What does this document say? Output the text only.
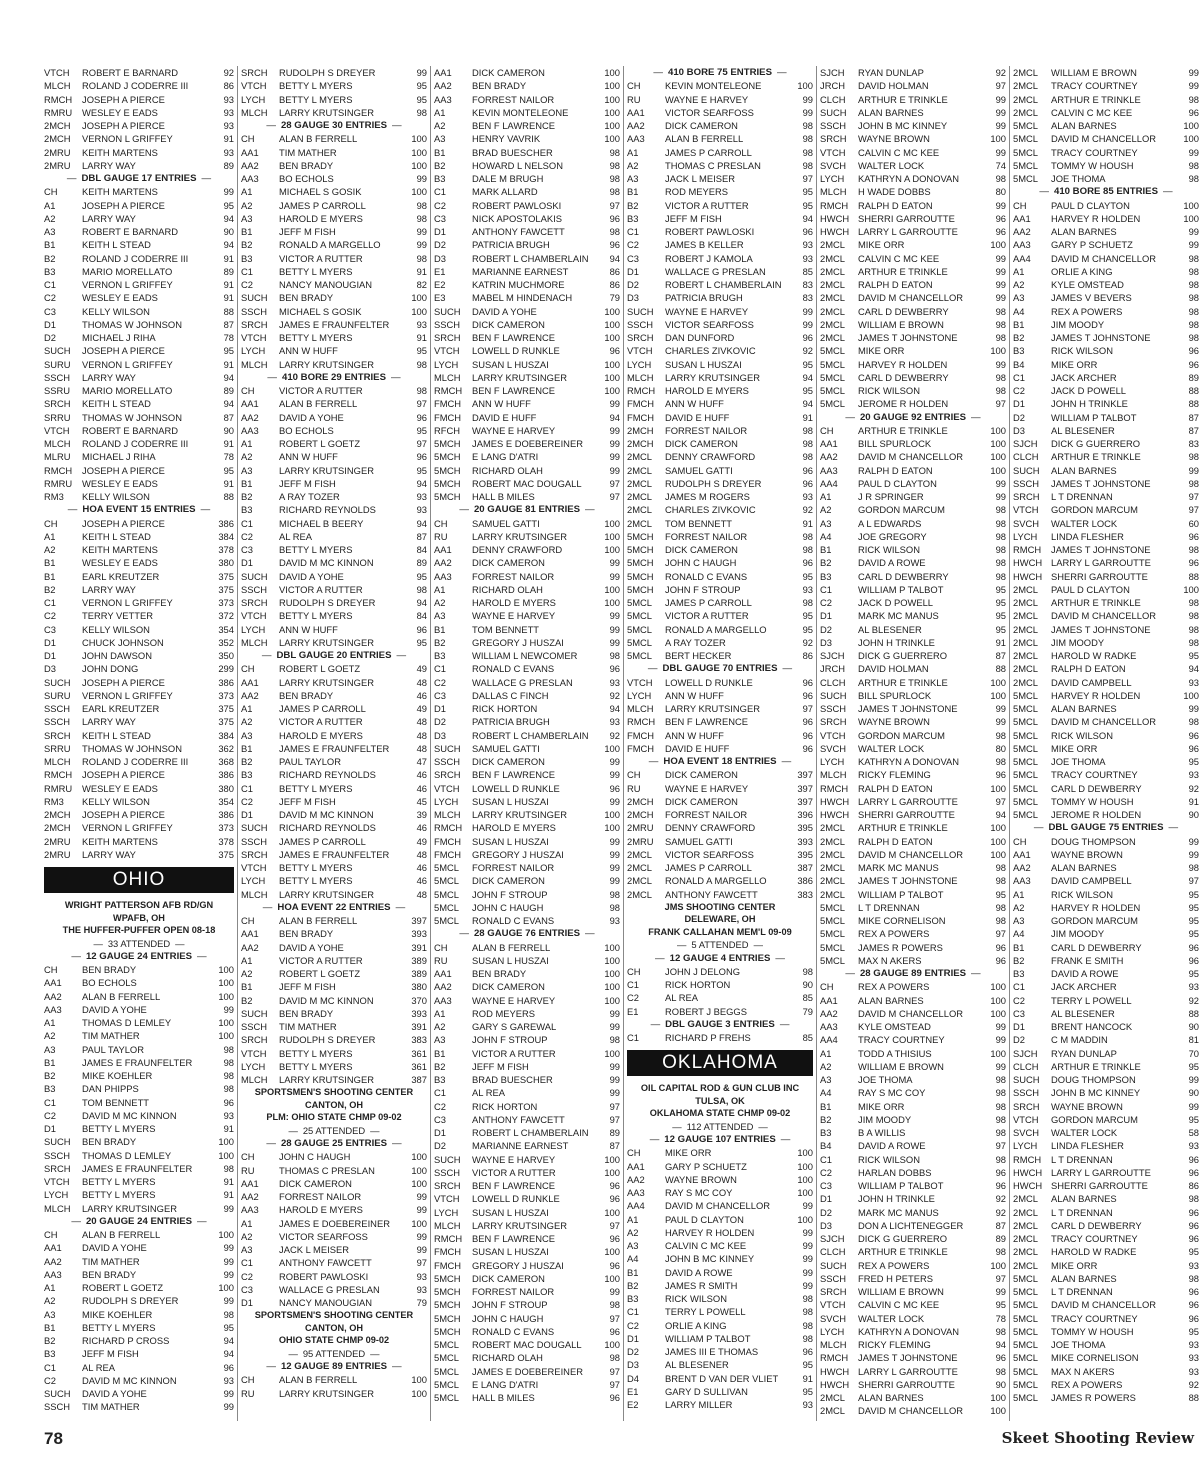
VTCH	ROBERT E BARNARD	92
MLCH	ROLAND J CODERRE III	86
RMCH	JOSEPH A PIERCE	93
RMRU	WESLEY E EADS	93
2MCH	JOSEPH A PIERCE	93
2MCH	VERNON L GRIFFEY	91
2MRU	KEITH MARTENS	93
2MRU	LARRY WAY	89
— DBL GAUGE 17 ENTRIES —
CH	KEITH MARTENS	99
A1	JOSEPH A PIERCE	95
A2	LARRY WAY	94
A3	ROBERT E BARNARD	90
B1	KEITH L STEAD	94
B2	ROLAND J CODERRE III	91
B3	MARIO MORELLATO	89
C1	VERNON L GRIFFEY	91
C2	WESLEY E EADS	91
C3	KELLY WILSON	88
D1	THOMAS W JOHNSON	87
D2	MICHAEL J RIHA	78
SUCH	JOSEPH A PIERCE	95
SURU	VERNON L GRIFFEY	91
SSCH	LARRY WAY	94
SSRU	MARIO MORELLATO	89
SRCH	KEITH L STEAD	94
SRRU	THOMAS W JOHNSON	87
VTCH	ROBERT E BARNARD	90
MLCH	ROLAND J CODERRE III	91
MLRU	MICHAEL J RIHA	78
RMCH	JOSEPH A PIERCE	95
RMRU	WESLEY E EADS	91
RM3	KELLY WILSON	88
— HOA EVENT 15 ENTRIES —
CH	JOSEPH A PIERCE	386
A1	KEITH L STEAD	384
A2	KEITH MARTENS	378
B1	WESLEY E EADS	380
B1	EARL KREUTZER	375
B2	LARRY WAY	375
C1	VERNON L GRIFFEY	373
C2	TERRY VETTER	372
C3	KELLY WILSON	354
D1	CHUCK JOHNSON	352
D1	JOHN DAWSON	350
D3	JOHN DONG	299
SUCH	JOSEPH A PIERCE	386
SURU	VERNON L GRIFFEY	373
SSCH	EARL KREUTZER	375
SSCH	LARRY WAY	375
SRCH	KEITH L STEAD	384
SRRU	THOMAS W JOHNSON	362
MLCH	ROLAND J CODERRE III	368
RMCH	JOSEPH A PIERCE	386
RMRU	WESLEY E EADS	380
RM3	KELLY WILSON	354
2MCH	JOSEPH A PIERCE	386
2MCH	VERNON L GRIFFEY	373
2MRU	KEITH MARTENS	378
2MRU	LARRY WAY	375
OHIO
WRIGHT PATTERSON AFB RD/GN
WPAFB, OH
THE HUFFER-PUFFER OPEN 08-18
— 33 ATTENDED —
— 12 GAUGE 24 ENTRIES —
CH	BEN BRADY	100
AA1	BO ECHOLS	100
AA2	ALAN B FERRELL	100
AA3	DAVID A YOHE	99
A1	THOMAS D LEMLEY	100
A2	TIM MATHER	100
A3	PAUL TAYLOR	98
B1	JAMES E FRAUNFELTER	98
B2	MIKE KOEHLER	98
B3	DAN PHIPPS	98
C1	TOM BENNETT	96
C2	DAVID M MC KINNON	93
D1	BETTY L MYERS	91
SUCH	BEN BRADY	100
SSCH	THOMAS D LEMLEY	100
SRCH	JAMES E FRAUNFELTER	98
VTCH	BETTY L MYERS	91
LYCH	BETTY L MYERS	91
MLCH	LARRY KRUTSINGER	99
— 20 GAUGE 24 ENTRIES —
CH	ALAN B FERRELL	100
AA1	DAVID A YOHE	99
AA2	TIM MATHER	99
AA3	BEN BRADY	99
A1	ROBERT L GOETZ	100
A2	RUDOLPH S DREYER	99
A3	MIKE KOEHLER	98
B1	BETTY L MYERS	95
B2	RICHARD P CROSS	94
B3	JEFF M FISH	94
C1	AL REA	96
C2	DAVID M MC KINNON	93
SUCH	DAVID A YOHE	99
SSCH	TIM MATHER	99
SRCH	RUDOLPH S DREYER	99
VTCH	BETTY L MYERS	95
LYCH	BETTY L MYERS	95
MLCH	LARRY KRUTSINGER	98
— 28 GAUGE 30 ENTRIES —
CH	ALAN B FERRELL	100
AA1	TIM MATHER	100
AA2	BEN BRADY	100
AA3	BO ECHOLS	99
A1	MICHAEL S GOSIK	100
A2	JAMES P CARROLL	98
A3	HAROLD E MYERS	98
B1	JEFF M FISH	99
B2	RONALD A MARGELLO	99
B3	VICTOR A RUTTER	98
C1	BETTY L MYERS	91
C2	NANCY MANOUGIAN	82
SUCH	BEN BRADY	100
SSCH	MICHAEL S GOSIK	100
SRCH	JAMES E FRAUNFELTER	93
VTCH	BETTY L MYERS	91
LYCH	ANN W HUFF	95
MLCH	LARRY KRUTSINGER	98
— 410 BORE 29 ENTRIES —
CH	VICTOR A RUTTER	98
AA1	ALAN B FERRELL	97
AA2	DAVID A YOHE	96
AA3	BO ECHOLS	95
A1	ROBERT L GOETZ	97
A2	ANN W HUFF	96
A3	LARRY KRUTSINGER	95
B1	JEFF M FISH	94
B2	A RAY TOZER	93
B3	RICHARD REYNOLDS	93
C1	MICHAEL B BEERY	94
C2	AL REA	87
C3	BETTY L MYERS	84
D1	DAVID M MC KINNON	89
SUCH	DAVID A YOHE	95
SSCH	VICTOR A RUTTER	98
SRCH	RUDOLPH S DREYER	94
VTCH	BETTY L MYERS	84
LYCH	ANN W HUFF	96
MLCH	LARRY KRUTSINGER	95
— DBL GAUGE 20 ENTRIES —
CH	ROBERT L GOETZ	49
AA1	LARRY KRUTSINGER	48
AA2	BEN BRADY	46
A1	JAMES P CARROLL	49
A2	VICTOR A RUTTER	48
A3	HAROLD E MYERS	48
B1	JAMES E FRAUNFELTER	48
B2	PAUL TAYLOR	47
B3	RICHARD REYNOLDS	46
C1	BETTY L MYERS	46
C2	JEFF M FISH	45
D1	DAVID M MC KINNON	39
SUCH	RICHARD REYNOLDS	46
SSCH	JAMES P CARROLL	49
SRCH	JAMES E FRAUNFELTER	48
VTCH	BETTY L MYERS	46
LYCH	BETTY L MYERS	46
MLCH	LARRY KRUTSINGER	48
— HOA EVENT 22 ENTRIES —
CH	ALAN B FERRELL	397
AA1	BEN BRADY	393
AA2	DAVID A YOHE	391
A1	VICTOR A RUTTER	389
A2	ROBERT L GOETZ	389
B1	JEFF M FISH	380
B2	DAVID M MC KINNON	370
SUCH	BEN BRADY	393
SSCH	TIM MATHER	391
SRCH	RUDOLPH S DREYER	383
VTCH	BETTY L MYERS	361
LYCH	BETTY L MYERS	361
MLCH	LARRY KRUTSINGER	387
SPORTSMEN'S SHOOTING CENTER
CANTON, OH
PLM: OHIO STATE CHMP 09-02
— 25 ATTENDED —
— 28 GAUGE 25 ENTRIES —
CH	JOHN C HAUGH	100
RU	THOMAS C PRESLAN	100
AA1	DICK CAMERON	100
AA2	FORREST NAILOR	99
AA3	HAROLD E MYERS	99
A1	JAMES E DOEBEREINER	100
A2	VICTOR SEARFOSS	99
A3	JACK L MEISER	99
C1	ANTHONY FAWCETT	97
C2	ROBERT PAWLOSKI	93
C3	WALLACE G PRESLAN	93
D1	NANCY MANOUGIAN	79
SPORTSMEN'S SHOOTING CENTER
CANTON, OH
OHIO STATE CHMP 09-02
— 95 ATTENDED —
— 12 GAUGE 89 ENTRIES —
CH	ALAN B FERRELL	100
RU	LARRY KRUTSINGER	100
AA1	DICK CAMERON	100
AA2	BEN BRADY	100
AA3	FORREST NAILOR	100
A1	KEVIN MONTELEONE	100
A2	BEN F LAWRENCE	100
A3	HENRY VAVRIK	100
B1	BRAD BUESCHER	98
B2	HOWARD L NELSON	98
B3	DALE M BRUGH	98
C1	MARK ALLARD	98
C2	ROBERT PAWLOSKI	97
C3	NICK APOSTOLAKIS	96
D1	ANTHONY FAWCETT	98
D2	PATRICIA BRUGH	96
D3	ROBERT L CHAMBERLAIN	94
E1	MARIANNE EARNEST	86
E2	KATRIN MUCHMORE	86
E3	MABEL M HINDENACH	79
SUCH	DAVID A YOHE	100
SSCH	DICK CAMERON	100
SRCH	BEN F LAWRENCE	100
VTCH	LOWELL D RUNKLE	96
LYCH	SUSAN L HUSZAI	100
MLCH	LARRY KRUTSINGER	100
RMCH	BEN F LAWRENCE	100
FMCH	ANN W HUFF	99
FMCH	DAVID E HUFF	94
RFCH	WAYNE E HARVEY	99
5MCH	JAMES E DOEBEREINER	99
5MCH	E LANG D'ATRI	99
5MCH	RICHARD OLAH	99
5MCH	ROBERT MAC DOUGALL	97
5MCH	HALL B MILES	97
— 20 GAUGE 81 ENTRIES —
CH	SAMUEL GATTI	100
RU	LARRY KRUTSINGER	100
AA1	DENNY CRAWFORD	100
AA2	DICK CAMERON	99
AA3	FORREST NAILOR	99
A1	RICHARD OLAH	100
A2	HAROLD E MYERS	100
A3	WAYNE E HARVEY	99
B1	TOM BENNETT	99
B2	GREGORY J HUSZAI	99
B3	WILLIAM L NEWCOMER	98
C1	RONALD C EVANS	96
C2	WALLACE G PRESLAN	93
C3	DALLAS C FINCH	92
D1	RICK HORTON	94
D2	PATRICIA BRUGH	93
D3	ROBERT L CHAMBERLAIN	92
SUCH	SAMUEL GATTI	100
SSCH	DICK CAMERON	99
SRCH	BEN F LAWRENCE	99
VTCH	LOWELL D RUNKLE	96
LYCH	SUSAN L HUSZAI	99
MLCH	LARRY KRUTSINGER	100
RMCH	HAROLD E MYERS	100
FMCH	SUSAN L HUSZAI	99
FMCH	GREGORY J HUSZAI	99
5MCL	FORREST NAILOR	99
5MCL	DICK CAMERON	99
5MCL	JOHN F STROUP	98
5MCL	JOHN C HAUGH	98
5MCL	RONALD C EVANS	93
— 28 GAUGE 76 ENTRIES —
CH	ALAN B FERRELL	100
RU	SUSAN L HUSZAI	100
AA1	BEN BRADY	100
AA2	DICK CAMERON	100
AA3	WAYNE E HARVEY	100
A1	ROD MEYERS	99
A2	GARY S GAREWAL	99
A3	JOHN F STROUP	98
B1	VICTOR A RUTTER	100
B2	JEFF M FISH	99
B3	BRAD BUESCHER	99
C1	AL REA	99
C2	RICK HORTON	97
C3	ANTHONY FAWCETT	97
D1	ROBERT L CHAMBERLAIN	89
D2	MARIANNE EARNEST	87
SUCH	WAYNE E HARVEY	100
SSCH	VICTOR A RUTTER	100
SRCH	BEN F LAWRENCE	96
VTCH	LOWELL D RUNKLE	96
LYCH	SUSAN L HUSZAI	100
MLCH	LARRY KRUTSINGER	97
RMCH	BEN F LAWRENCE	96
FMCH	SUSAN L HUSZAI	100
FMCH	GREGORY J HUSZAI	96
5MCH	DICK CAMERON	100
5MCH	FORREST NAILOR	99
5MCH	JOHN F STROUP	98
5MCH	JOHN C HAUGH	97
5MCH	RONALD C EVANS	96
5MCL	ROBERT MAC DOUGALL	100
5MCL	RICHARD OLAH	98
5MCL	JAMES E DOEBEREINER	97
5MCL	E LANG D'ATRI	97
5MCL	HALL B MILES	96
— 410 BORE 75 ENTRIES —
CH	KEVIN MONTELEONE	100
RU	WAYNE E HARVEY	99
AA1	VICTOR SEARFOSS	99
AA2	DICK CAMERON	98
AA3	ALAN B FERRELL	98
A1	JAMES P CARROLL	98
A2	THOMAS C PRESLAN	98
A3	JACK L MEISER	97
B1	ROD MEYERS	95
B2	VICTOR A RUTTER	95
B3	JEFF M FISH	94
C1	ROBERT PAWLOSKI	96
C2	JAMES B KELLER	93
C3	ROBERT J KAMOLA	93
D1	WALLACE G PRESLAN	85
D2	ROBERT L CHAMBERLAIN	83
D3	PATRICIA BRUGH	83
SUCH	WAYNE E HARVEY	99
SSCH	VICTOR SEARFOSS	99
SRCH	DAN DUNFORD	96
VTCH	CHARLES ZIVKOVIC	92
LYCH	SUSAN L HUSZAI	95
MLCH	LARRY KRUTSINGER	94
RMCH	HAROLD E MYERS	95
FMCH	ANN W HUFF	94
FMCH	DAVID E HUFF	91
2MCH	FORREST NAILOR	98
2MCH	DICK CAMERON	98
2MCL	DENNY CRAWFORD	98
2MCL	SAMUEL GATTI	96
2MCL	RUDOLPH S DREYER	96
2MCL	JAMES M ROGERS	93
2MCL	CHARLES ZIVKOVIC	92
2MCL	TOM BENNETT	91
5MCH	FORREST NAILOR	98
5MCH	DICK CAMERON	98
5MCH	JOHN C HAUGH	96
5MCH	RONALD C EVANS	95
5MCH	JOHN F STROUP	93
5MCL	JAMES P CARROLL	98
5MCL	VICTOR A RUTTER	95
5MCL	RONALD A MARGELLO	95
5MCL	A RAY TOZER	92
5MCL	BERT HECKER	86
— DBL GAUGE 70 ENTRIES —
VTCH	LOWELL D RUNKLE	96
LYCH	ANN W HUFF	96
MLCH	LARRY KRUTSINGER	97
RMCH	BEN F LAWRENCE	96
FMCH	ANN W HUFF	96
FMCH	DAVID E HUFF	96
— HOA EVENT 18 ENTRIES —
CH	DICK CAMERON	397
RU	WAYNE E HARVEY	397
2MCH	DICK CAMERON	397
2MCH	FORREST NAILOR	396
2MRU	DENNY CRAWFORD	395
2MRU	SAMUEL GATTI	393
2MCL	VICTOR SEARFOSS	395
2MCL	JAMES P CARROLL	387
2MCL	RONALD A MARGELLO	386
2MCL	ANTHONY FAWCETT	383
JMS SHOOTING CENTER
DELEWARE, OH
FRANK CALLAHAN MEM'L 09-09
— 5 ATTENDED —
— 12 GAUGE 4 ENTRIES —
CH	JOHN J DELONG	98
C1	RICK HORTON	90
C2	AL REA	85
E1	ROBERT J BEGGS	79
— DBL GAUGE 3 ENTRIES —
C1	RICHARD P FREHS	85
OKLAHOMA
OIL CAPITAL ROD & GUN CLUB INC
TULSA, OK
OKLAHOMA STATE CHMP 09-02
— 112 ATTENDED —
— 12 GAUGE 107 ENTRIES —
CH	MIKE ORR	100
AA1	GARY P SCHUETZ	100
AA2	WAYNE BROWN	100
AA3	RAY S MC COY	100
AA4	DAVID M CHANCELLOR	99
A1	PAUL D CLAYTON	100
A2	HARVEY R HOLDEN	99
A3	CALVIN C MC KEE	99
A4	JOHN B MC KINNEY	99
B1	DAVID A ROWE	99
B2	JAMES R SMITH	99
B3	RICK WILSON	98
C1	TERRY L POWELL	98
C2	ORLIE A KING	98
D1	WILLIAM P TALBOT	98
D2	JAMES III E THOMAS	96
D3	AL BLESENER	95
D4	BRENT D VAN DER VLIET	91
E1	GARY D SULLIVAN	95
E2	LARRY MILLER	93
SJCH	RYAN DUNLAP	92
JRCH	DAVID HOLMAN	97
CLCH	ARTHUR E TRINKLE	99
SUCH	ALAN BARNES	99
SSCH	JOHN B MC KINNEY	99
SRCH	WAYNE BROWN	100
VTCH	CALVIN C MC KEE	99
SVCH	WALTER LOCK	74
LYCH	KATHRYN A DONOVAN	98
MLCH	H WADE DOBBS	80
RMCH	RALPH D EATON	99
HWCH SHERRI GARROUTTE	96
HWCH LARRY L GARROUTTE	96
2MCL	MIKE ORR	100
2MCL	CALVIN C MC KEE	99
2MCL	ARTHUR E TRINKLE	99
2MCL	RALPH D EATON	99
2MCL	DAVID M CHANCELLOR	99
2MCL	CARL D DEWBERRY	98
2MCL	WILLIAM E BROWN	98
2MCL	JAMES T JOHNSTONE	98
5MCL	MIKE ORR	100
5MCL	HARVEY R HOLDEN	99
5MCL	CARL D DEWBERRY	98
5MCL	RICK WILSON	98
5MCL	JEROME R HOLDEN	97
— 20 GAUGE 92 ENTRIES —
CH	ARTHUR E TRINKLE	100
AA1	BILL SPURLOCK	100
AA2	DAVID M CHANCELLOR	100
AA3	RALPH D EATON	100
AA4	PAUL D CLAYTON	99
A1	J R SPRINGER	99
A2	GORDON MARCUM	98
A3	A L EDWARDS	98
A4	JOE GREGORY	98
B1	RICK WILSON	98
B2	DAVID A ROWE	98
B3	CARL D DEWBERRY	98
C1	WILLIAM P TALBOT	95
C2	JACK D POWELL	95
D1	MARK MC MANUS	95
D2	AL BLESENER	95
D3	JOHN H TRINKLE	91
SJCH	DICK G GUERRERO	87
JRCH	DAVID HOLMAN	88
CLCH	ARTHUR E TRINKLE	100
SUCH	BILL SPURLOCK	100
SSCH	JAMES T JOHNSTONE	99
SRCH	WAYNE BROWN	99
VTCH	GORDON MARCUM	98
SVCH	WALTER LOCK	80
LYCH	KATHRYN A DONOVAN	98
MLCH	RICKY FLEMING	96
RMCH	RALPH D EATON	100
HWCH LARRY L GARROUTTE	97
HWCH SHERRI GARROUTTE	94
2MCL	ARTHUR E TRINKLE	100
2MCL	RALPH D EATON	100
2MCL	DAVID M CHANCELLOR	100
2MCL	MARK MC MANUS	98
2MCL	JAMES T JOHNSTONE	98
2MCL	WILLIAM P TALBOT	95
5MCL	L T DRENNAN	98
5MCL	MIKE CORNELISON	98
5MCL	REX A POWERS	97
5MCL	JAMES R POWERS	96
5MCL	MAX N AKERS	96
— 28 GAUGE 89 ENTRIES —
CH	REX A POWERS	100
AA1	ALAN BARNES	100
AA2	DAVID M CHANCELLOR	100
AA3	KYLE OMSTEAD	99
AA4	TRACY COURTNEY	99
A1	TODD A THISIUS	100
A2	WILLIAM E BROWN	99
A3	JOE THOMA	98
A4	RAY S MC COY	98
B1	MIKE ORR	98
B2	JIM MOODY	98
B3	B A WILLIS	98
B4	DAVID A ROWE	97
C1	RICK WILSON	98
C2	HARLAN DOBBS	96
C3	WILLIAM P TALBOT	96
D1	JOHN H TRINKLE	92
D2	MARK MC MANUS	92
D3	DON A LICHTENEGGER	87
SJCH	DICK G GUERRERO	89
CLCH	ARTHUR E TRINKLE	98
SUCH	REX A POWERS	100
SSCH	FRED H PETERS	97
SRCH	WILLIAM E BROWN	99
VTCH	CALVIN C MC KEE	95
SVCH	WALTER LOCK	78
LYCH	KATHRYN A DONOVAN	98
MLCH	RICKY FLEMING	94
RMCH	JAMES T JOHNSTONE	96
HWCH LARRY L GARROUTTE	98
HWCH SHERRI GARROUTTE	90
2MCL	ALAN BARNES	100
2MCL	DAVID M CHANCELLOR	100
2MCL	WILLIAM E BROWN	99
2MCL	TRACY COURTNEY	99
2MCL	ARTHUR E TRINKLE	98
2MCL	CALVIN C MC KEE	96
5MCL	ALAN BARNES	100
5MCL	DAVID M CHANCELLOR	100
5MCL	TRACY COURTNEY	99
5MCL	TOMMY W HOUSH	98
5MCL	JOE THOMA	98
— 410 BORE 85 ENTRIES —
CH	PAUL D CLAYTON	100
AA1	HARVEY R HOLDEN	100
AA2	ALAN BARNES	99
AA3	GARY P SCHUETZ	99
AA4	DAVID M CHANCELLOR	98
A1	ORLIE A KING	98
A2	KYLE OMSTEAD	98
A3	JAMES V BEVERS	98
A4	REX A POWERS	98
B1	JIM MOODY	98
B2	JAMES T JOHNSTONE	98
B3	RICK WILSON	96
B4	MIKE ORR	96
C1	JACK ARCHER	89
C2	JACK D POWELL	88
D1	JOHN H TRINKLE	88
D2	WILLIAM P TALBOT	87
D3	AL BLESENER	87
SJCH	DICK G GUERRERO	83
CLCH	ARTHUR E TRINKLE	98
SUCH	ALAN BARNES	99
SSCH	JAMES T JOHNSTONE	98
SRCH	L T DRENNAN	97
VTCH	GORDON MARCUM	97
SVCH	WALTER LOCK	60
LYCH	LINDA FLESHER	96
RMCH	JAMES T JOHNSTONE	98
HWCH LARRY L GARROUTTE	96
HWCH SHERRI GARROUTTE	88
2MCL	PAUL D CLAYTON	100
2MCL	ARTHUR E TRINKLE	98
2MCL	DAVID M CHANCELLOR	98
2MCL	JAMES T JOHNSTONE	98
2MCL	JIM MOODY	98
2MCL	HAROLD W RADKE	95
2MCL	RALPH D EATON	94
2MCL	DAVID CAMPBELL	93
5MCL	HARVEY R HOLDEN	100
5MCL	ALAN BARNES	99
5MCL	DAVID M CHANCELLOR	98
5MCL	RICK WILSON	96
5MCL	MIKE ORR	96
5MCL	JOE THOMA	95
5MCL	TRACY COURTNEY	93
5MCL	CARL D DEWBERRY	92
5MCL	TOMMY W HOUSH	91
5MCL	JEROME R HOLDEN	90
— DBL GAUGE 75 ENTRIES —
CH	DOUG THOMPSON	99
AA1	WAYNE BROWN	99
AA2	ALAN BARNES	98
AA3	DAVID CAMPBELL	97
A1	RICK WILSON	95
A2	HARVEY R HOLDEN	95
A3	GORDON MARCUM	95
A4	JIM MOODY	95
B1	CARL D DEWBERRY	96
B2	FRANK E SMITH	96
B3	DAVID A ROWE	95
C1	JACK ARCHER	93
C2	TERRY L POWELL	92
C3	AL BLESENER	88
D1	BRENT HANCOCK	90
D2	C M MADDIN	81
SJCH	RYAN DUNLAP	70
CLCH	ARTHUR E TRINKLE	95
SUCH	DOUG THOMPSON	99
SSCH	JOHN B MC KINNEY	90
SRCH	WAYNE BROWN	99
VTCH	GORDON MARCUM	95
SVCH	WALTER LOCK	58
LYCH	LINDA FLESHER	93
RMCH	L T DRENNAN	96
HWCH LARRY L GARROUTTE	96
HWCH SHERRI GARROUTTE	86
2MCL	ALAN BARNES	98
2MCL	L T DRENNAN	96
2MCL	CARL D DEWBERRY	96
2MCL	TRACY COURTNEY	96
2MCL	HAROLD W RADKE	95
2MCL	MIKE ORR	93
5MCL	ALAN BARNES	98
5MCL	L T DRENNAN	96
5MCL	DAVID M CHANCELLOR	96
5MCL	TRACY COURTNEY	96
5MCL	TOMMY W HOUSH	95
5MCL	JOE THOMA	93
5MCL	MIKE CORNELISON	93
5MCL	MAX N AKERS	93
5MCL	REX A POWERS	92
5MCL	JAMES R POWERS	88
78	Skeet Shooting Review
